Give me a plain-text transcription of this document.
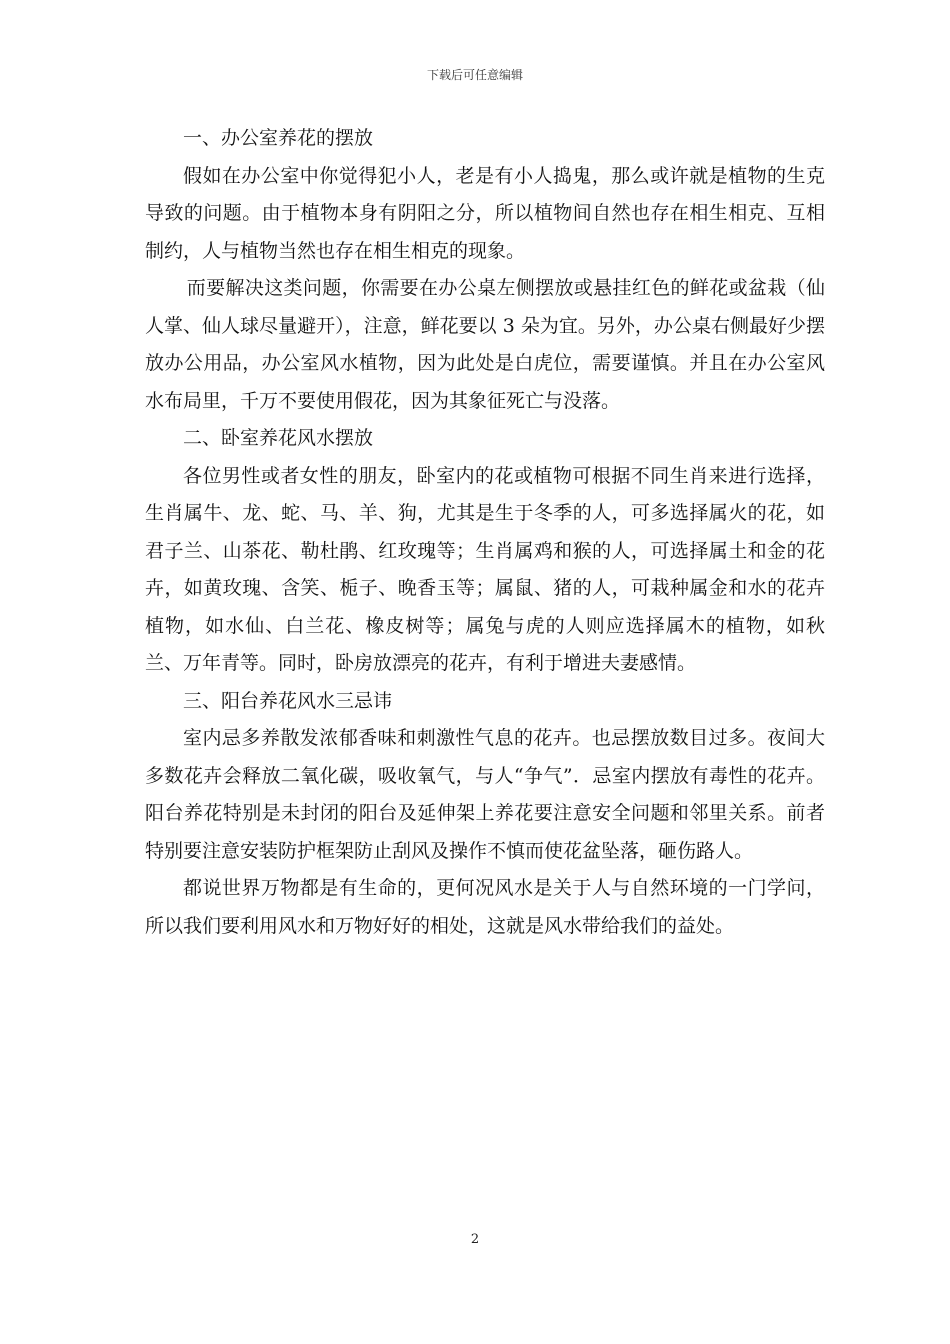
下载后可任意编辑

一、办公室养花的摆放

假如在办公室中你觉得犯小人，老是有小人捣鬼，那么或许就是植物的生克导致的问题。由于植物本身有阴阳之分，所以植物间自然也存在相生相克、互相制约，人与植物当然也存在相生相克的现象。

而要解决这类问题，你需要在办公桌左侧摆放或悬挂红色的鲜花或盆栽（仙人掌、仙人球尽量避开），注意，鲜花要以 3 朵为宜。另外，办公桌右侧最好少摆放办公用品，办公室风水植物，因为此处是白虎位，需要谨慎。并且在办公室风水布局里，千万不要使用假花，因为其象征死亡与没落。

二、卧室养花风水摆放

各位男性或者女性的朋友，卧室内的花或植物可根据不同生肖来进行选择，生肖属牛、龙、蛇、马、羊、狗，尤其是生于冬季的人，可多选择属火的花，如君子兰、山茶花、勒杜鹃、红玫瑰等；生肖属鸡和猴的人，可选择属土和金的花卉，如黄玫瑰、含笑、栀子、晚香玉等；属鼠、猪的人，可栽种属金和水的花卉植物，如水仙、白兰花、橡皮树等；属兔与虎的人则应选择属木的植物，如秋兰、万年青等。同时，卧房放漂亮的花卉，有利于增进夫妻感情。

三、阳台养花风水三忌讳

室内忌多养散发浓郁香味和刺激性气息的花卉。也忌摆放数目过多。夜间大多数花卉会释放二氧化碳，吸收氧气，与人“争气”．忌室内摆放有毒性的花卉。阳台养花特别是未封闭的阳台及延伸架上养花要注意安全问题和邻里关系。前者特别要注意安装防护框架防止刮风及操作不慎而使花盆坠落，砸伤路人。

都说世界万物都是有生命的，更何况风水是关于人与自然环境的一门学问，所以我们要利用风水和万物好好的相处，这就是风水带给我们的益处。

2
